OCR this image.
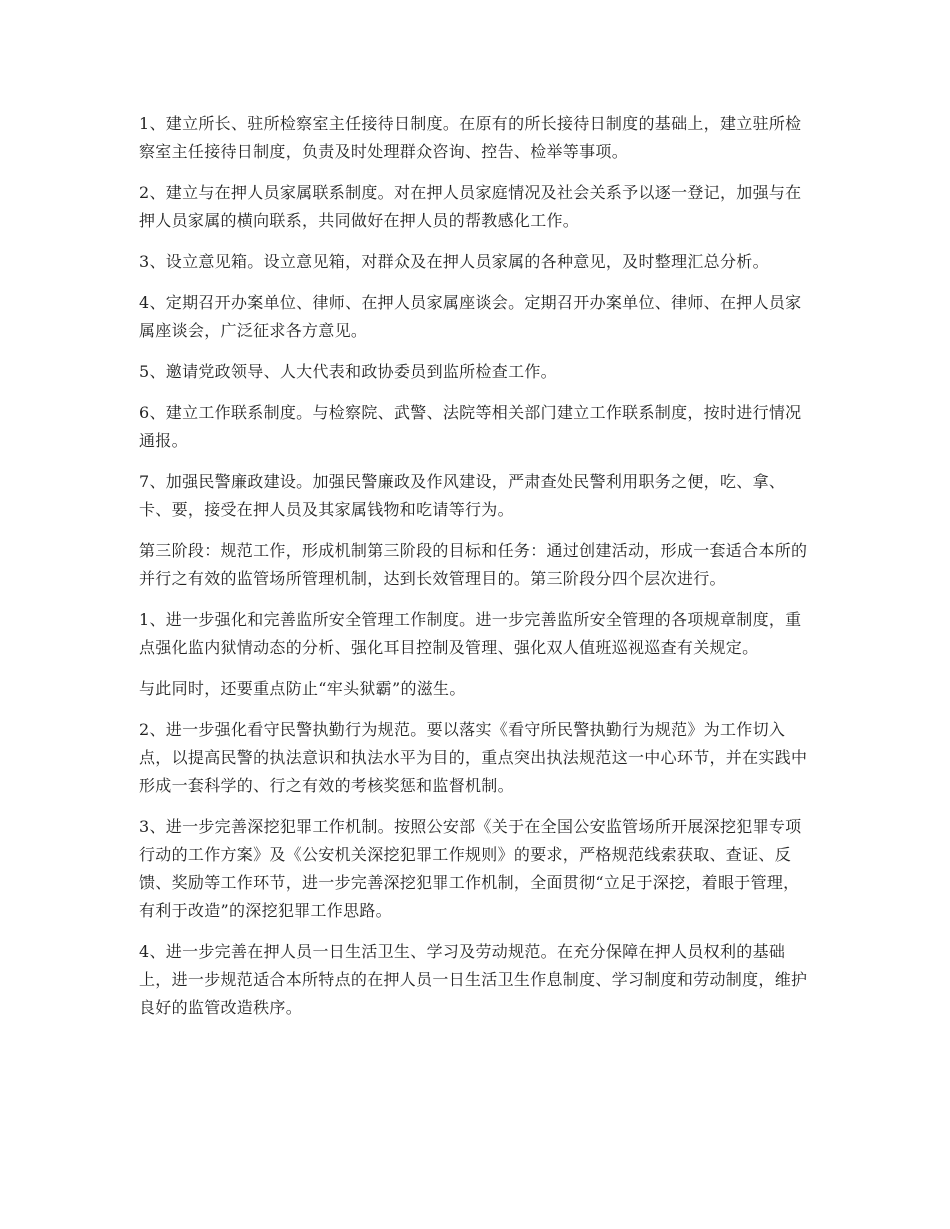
1、建立所长、驻所检察室主任接待日制度。在原有的所长接待日制度的基础上，建立驻所检察室主任接待日制度，负责及时处理群众咨询、控告、检举等事项。

2、建立与在押人员家属联系制度。对在押人员家庭情况及社会关系予以逐一登记，加强与在押人员家属的横向联系，共同做好在押人员的帮教感化工作。

3、设立意见箱。设立意见箱，对群众及在押人员家属的各种意见，及时整理汇总分析。

4、定期召开办案单位、律师、在押人员家属座谈会。定期召开办案单位、律师、在押人员家属座谈会，广泛征求各方意见。

5、邀请党政领导、人大代表和政协委员到监所检查工作。

6、建立工作联系制度。与检察院、武警、法院等相关部门建立工作联系制度，按时进行情况通报。

7、加强民警廉政建设。加强民警廉政及作风建设，严肃查处民警利用职务之便，吃、拿、卡、要，接受在押人员及其家属钱物和吃请等行为。

第三阶段：规范工作，形成机制第三阶段的目标和任务：通过创建活动，形成一套适合本所的并行之有效的监管场所管理机制，达到长效管理目的。第三阶段分四个层次进行。

1、进一步强化和完善监所安全管理工作制度。进一步完善监所安全管理的各项规章制度，重点强化监内狱情动态的分析、强化耳目控制及管理、强化双人值班巡视巡查有关规定。

与此同时，还要重点防止“牢头狱霸”的滋生。

2、进一步强化看守民警执勤行为规范。要以落实《看守所民警执勤行为规范》为工作切入点，以提高民警的执法意识和执法水平为目的，重点突出执法规范这一中心环节，并在实践中形成一套科学的、行之有效的考核奖惩和监督机制。

3、进一步完善深挖犯罪工作机制。按照公安部《关于在全国公安监管场所开展深挖犯罪专项行动的工作方案》及《公安机关深挖犯罪工作规则》的要求，严格规范线索获取、查证、反馈、奖励等工作环节，进一步完善深挖犯罪工作机制，全面贯彻“立足于深挖，着眼于管理，有利于改造”的深挖犯罪工作思路。

4、进一步完善在押人员一日生活卫生、学习及劳动规范。在充分保障在押人员权利的基础上，进一步规范适合本所特点的在押人员一日生活卫生作息制度、学习制度和劳动制度，维护良好的监管改造秩序。
